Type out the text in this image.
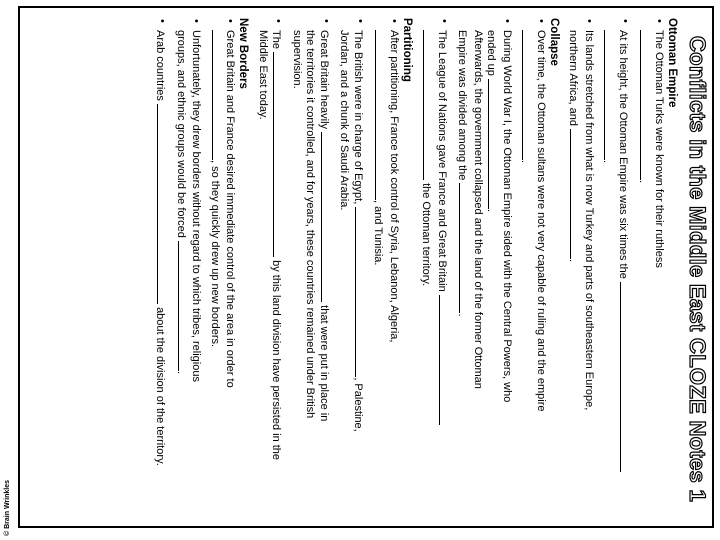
© Brain Wrinkles
Conflicts in the Middle East CLOZE Notes 1
Ottoman Empire
• The Ottoman Turks were known for their ruthless
.
• At its height, the Ottoman Empire was six times the
.
• Its lands stretched from what is now Turkey and parts of southeastern Europe,
northern Africa, and .
Collapse
• Over time, the Ottoman sultans were not very capable of ruling and the empire
.
• During World War I, the Ottoman Empire sided with the Central Powers, who
ended up .
Afterwards, the government collapsed and the land of the former Ottoman
Empire was divided among the .
• The League of Nations gave France and Great Britain
the Ottoman territory.
Partitioning
• After partitioning, France took control of Syria, Lebanon, Algeria,
, and Tunisia.
• The British were in charge of Egypt, , Palestine,
Jordan, and a chunk of Saudi Arabia.
• Great Britain heavily  that were put in place in
the territories it controlled, and for years, these countries remained under British
supervision.
• The  by this land division have persisted in the
Middle East today.
New Borders
• Great Britain and France desired immediate control of the area in order to
, so they quickly drew up new borders.
• Unfortunately, they drew borders without regard to which tribes, religious
groups, and ethnic groups would be forced .
• Arab countries  about the division of the territory.
